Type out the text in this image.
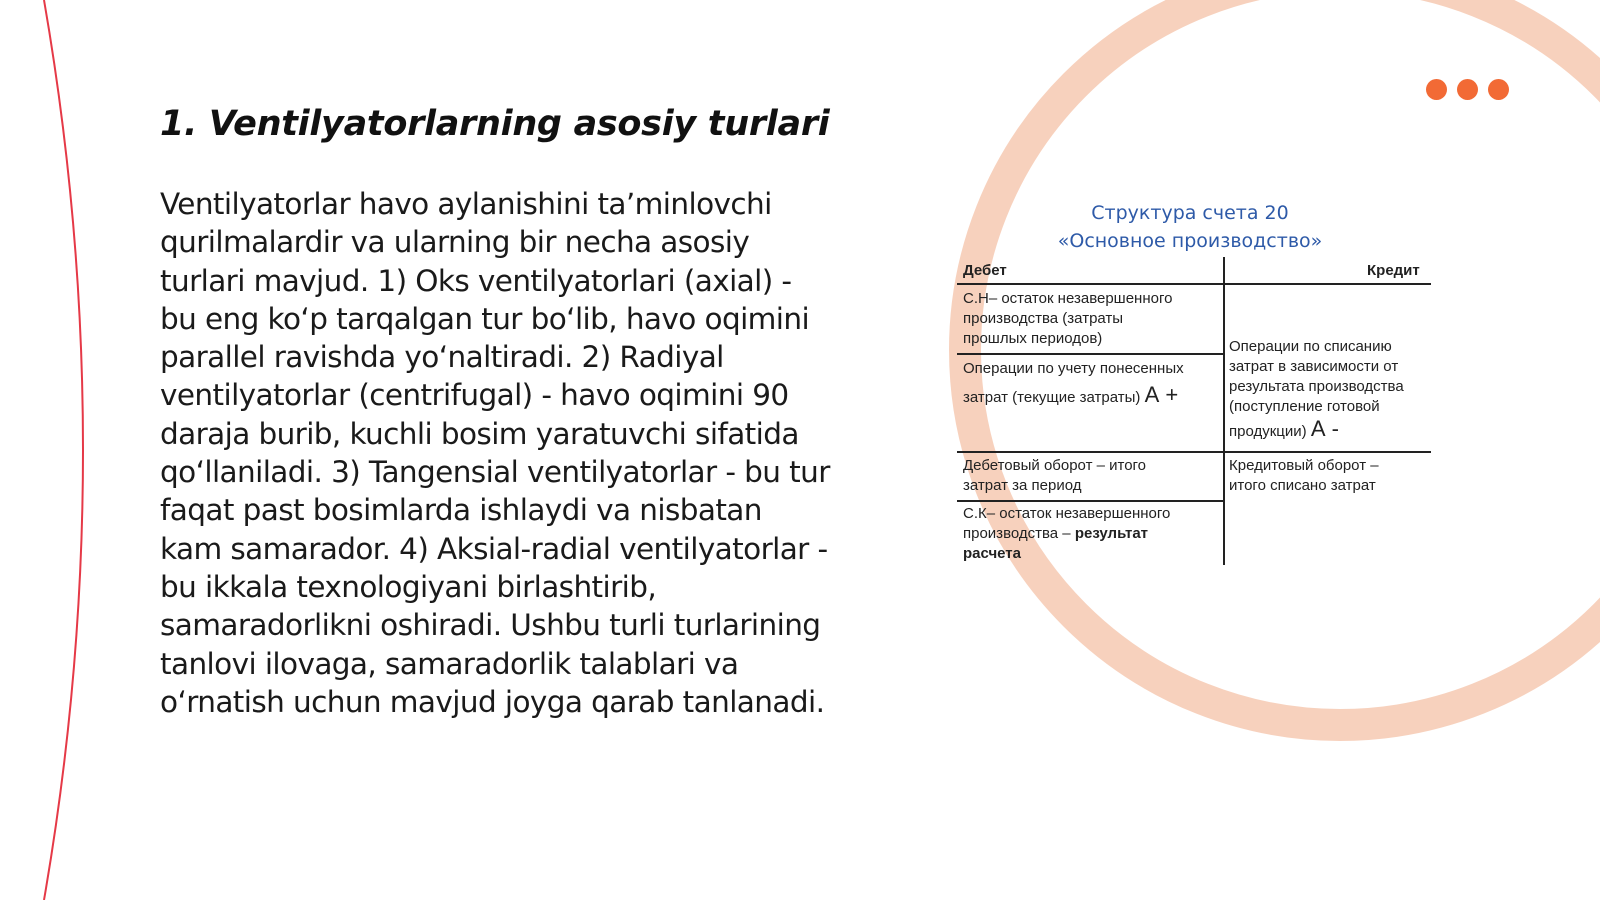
1. Ventilyatorlarning asosiy turlari

Ventilyatorlar havo aylanishini ta’minlovchi qurilmalardir va ularning bir necha asosiy turlari mavjud. 1) Oks ventilyatorlari (axial) - bu eng ko‘p tarqalgan tur bo‘lib, havo oqimini parallel ravishda yo‘naltiradi. 2) Radiyal ventilyatorlar (centrifugal) - havo oqimini 90 daraja burib, kuchli bosim yaratuvchi sifatida qo‘llaniladi. 3) Tangensial ventilyatorlar - bu tur faqat past bosimlarda ishlaydi va nisbatan kam samarador. 4) Aksial-radial ventilyatorlar - bu ikkala texnologiyani birlashtirib, samaradorlikni oshiradi. Ushbu turli turlarining tanlovi ilovaga, samaradorlik talablari va o‘rnatish uchun mavjud joyga qarab tanlanadi.

Структура счета 20
«Основное производство»
Дебет	Кредит
С.Н– остаток незавершенного
производства (затраты
прошлых периодов)
Операции по учету понесенных
затрат (текущие затраты) А +
Операции по списанию
затрат в зависимости от
результата производства
(поступление готовой
продукции) А -
Дебетовый оборот – итого
затрат за период
Кредитовый оборот –
итого списано затрат
С.К– остаток незавершенного
производства – результат
расчета
